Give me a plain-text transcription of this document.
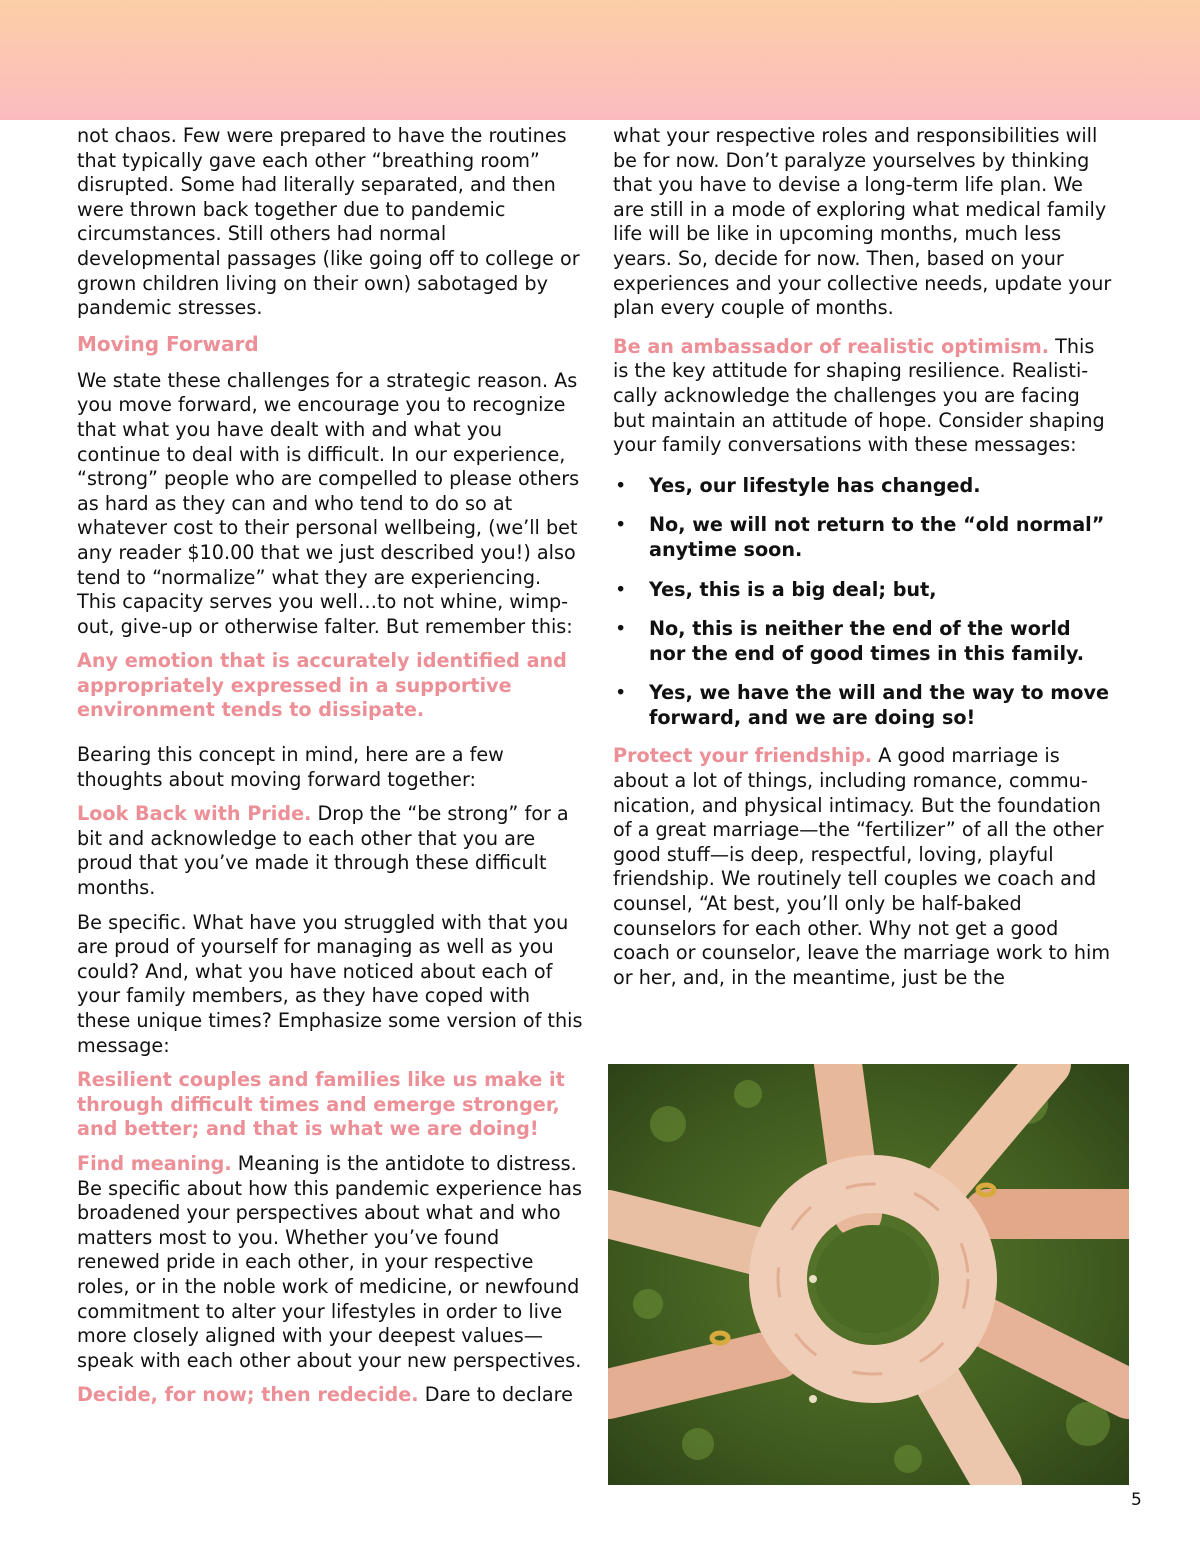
not chaos. Few were prepared to have the routines that typically gave each other “breathing room” disrupted. Some had literally separated, and then were thrown back together due to pandemic circumstances. Still others had normal developmental passages (like going off to college or grown children living on their own) sabotaged by pandemic stresses.

Moving Forward

We state these challenges for a strategic reason. As you move forward, we encourage you to recognize that what you have dealt with and what you continue to deal with is difficult. In our experience, “strong” people who are compelled to please others as hard as they can and who tend to do so at whatever cost to their personal wellbeing, (we’ll bet any reader $10.00 that we just described you!) also tend to “normalize” what they are experiencing. This capacity serves you well…to not whine, wimp-out, give-up or otherwise falter. But remember this:

Any emotion that is accurately identified and appropriately expressed in a supportive environment tends to dissipate.

Bearing this concept in mind, here are a few thoughts about moving forward together:

Look Back with Pride. Drop the “be strong” for a bit and acknowledge to each other that you are proud that you’ve made it through these difficult months.

Be specific. What have you struggled with that you are proud of yourself for managing as well as you could? And, what you have noticed about each of your family members, as they have coped with these unique times? Emphasize some version of this message:

Resilient couples and families like us make it through difficult times and emerge stronger, and better; and that is what we are doing!

Find meaning. Meaning is the antidote to distress. Be specific about how this pandemic experience has broadened your perspectives about what and who matters most to you. Whether you’ve found renewed pride in each other, in your respective roles, or in the noble work of medicine, or newfound commitment to alter your lifestyles in order to live more closely aligned with your deepest values—speak with each other about your new perspectives.

Decide, for now; then redecide. Dare to declare

what your respective roles and responsibilities will be for now. Don’t paralyze yourselves by thinking that you have to devise a long-term life plan. We are still in a mode of exploring what medical family life will be like in upcoming months, much less years. So, decide for now. Then, based on your experiences and your collective needs, update your plan every couple of months.

Be an ambassador of realistic optimism. This is the key attitude for shaping resilience. Realistically acknowledge the challenges you are facing but maintain an attitude of hope. Consider shaping your family conversations with these messages:

• Yes, our lifestyle has changed.
• No, we will not return to the “old normal” anytime soon.
• Yes, this is a big deal; but,
• No, this is neither the end of the world nor the end of good times in this family.
• Yes, we have the will and the way to move forward, and we are doing so!

Protect your friendship. A good marriage is about a lot of things, including romance, communication, and physical intimacy. But the foundation of a great marriage—the “fertilizer” of all the other good stuff—is deep, respectful, loving, playful friendship. We routinely tell couples we coach and counsel, “At best, you’ll only be half-baked counselors for each other. Why not get a good coach or counselor, leave the marriage work to him or her, and, in the meantime, just be the

5
